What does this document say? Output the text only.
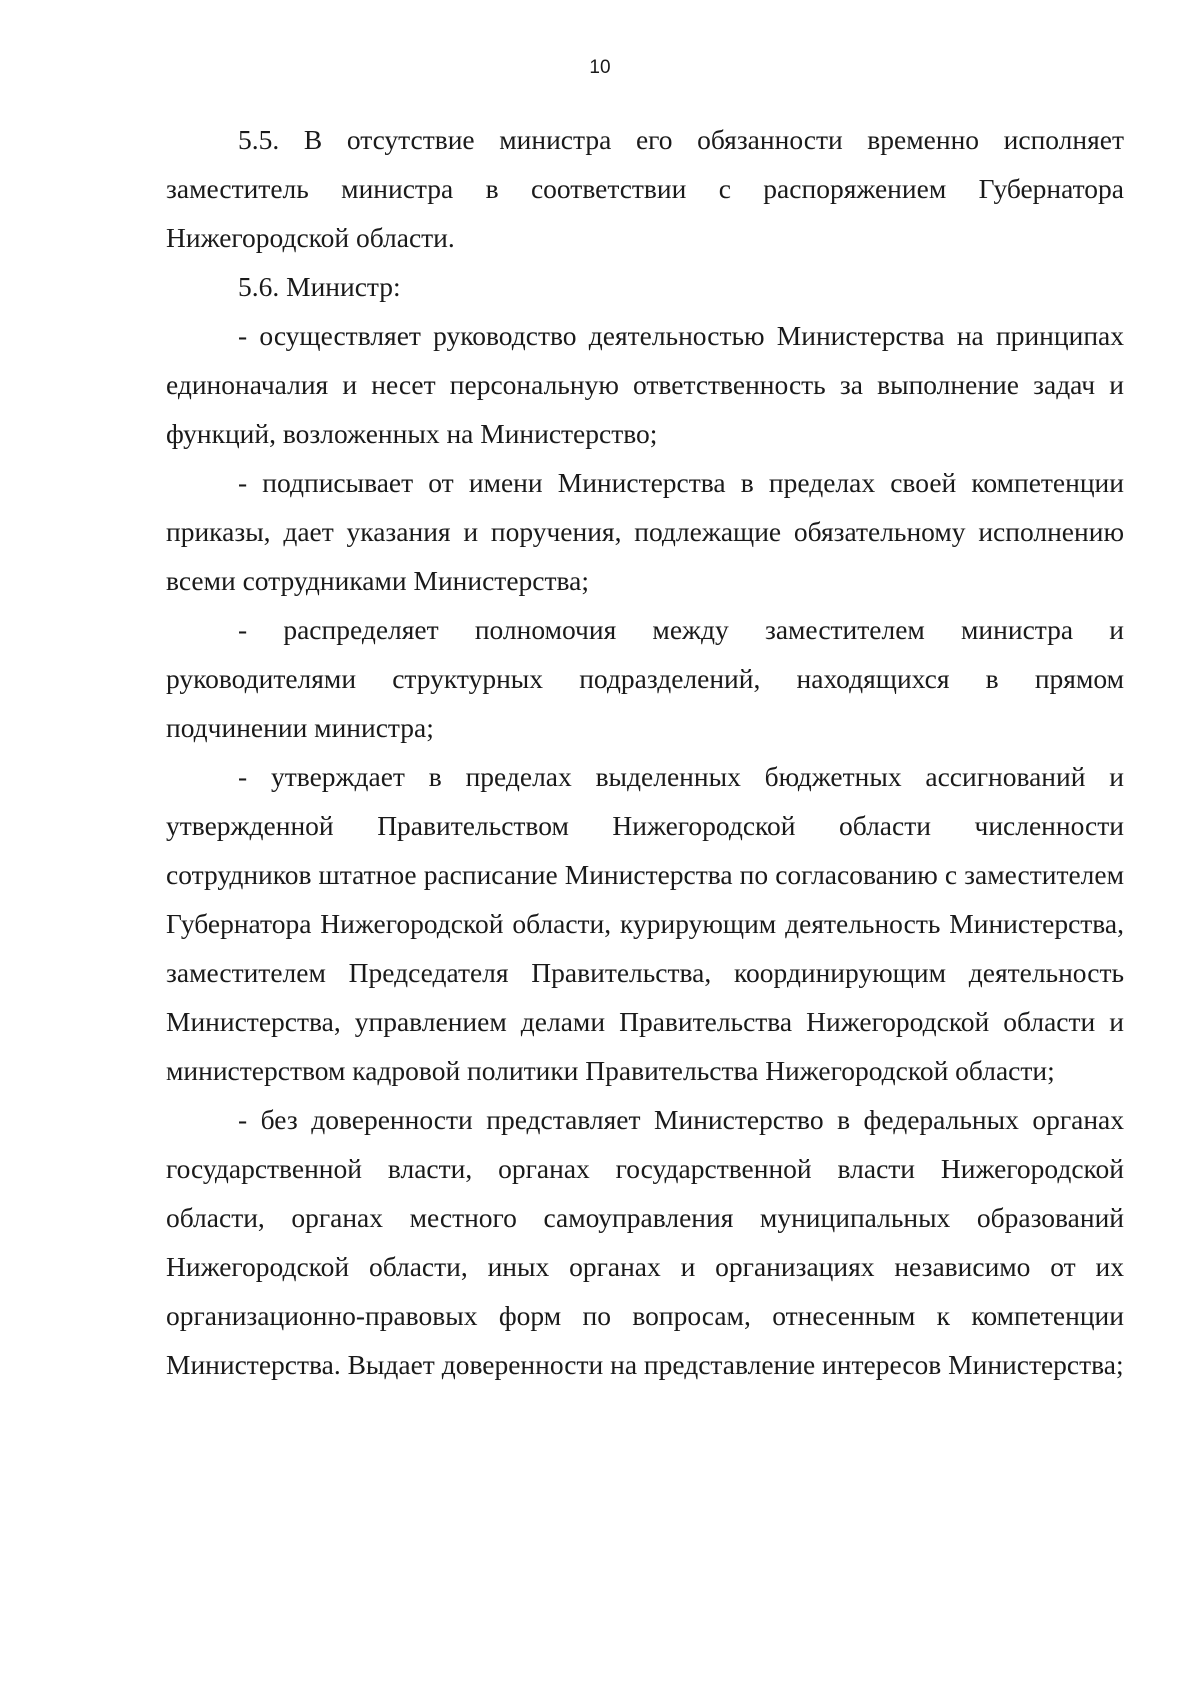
10

5.5. В отсутствие министра его обязанности временно исполняет заместитель министра в соответствии с распоряжением Губернатора Нижегородской области.

5.6. Министр:

- осуществляет руководство деятельностью Министерства на принципах единоначалия и несет персональную ответственность за выполнение задач и функций, возложенных на Министерство;

- подписывает от имени Министерства в пределах своей компетенции приказы, дает указания и поручения, подлежащие обязательному исполнению всеми сотрудниками Министерства;

- распределяет полномочия между заместителем министра и руководителями структурных подразделений, находящихся в прямом подчинении министра;

- утверждает в пределах выделенных бюджетных ассигнований и утвержденной Правительством Нижегородской области численности сотрудников штатное расписание Министерства по согласованию с заместителем Губернатора Нижегородской области, курирующим деятельность Министерства, заместителем Председателя Правительства, координирующим деятельность Министерства, управлением делами Правительства Нижегородской области и министерством кадровой политики Правительства Нижегородской области;

- без доверенности представляет Министерство в федеральных органах государственной власти, органах государственной власти Нижегородской области, органах местного самоуправления муниципальных образований Нижегородской области, иных органах и организациях независимо от их организационно-правовых форм по вопросам, отнесенным к компетенции Министерства. Выдает доверенности на представление интересов Министерства;
